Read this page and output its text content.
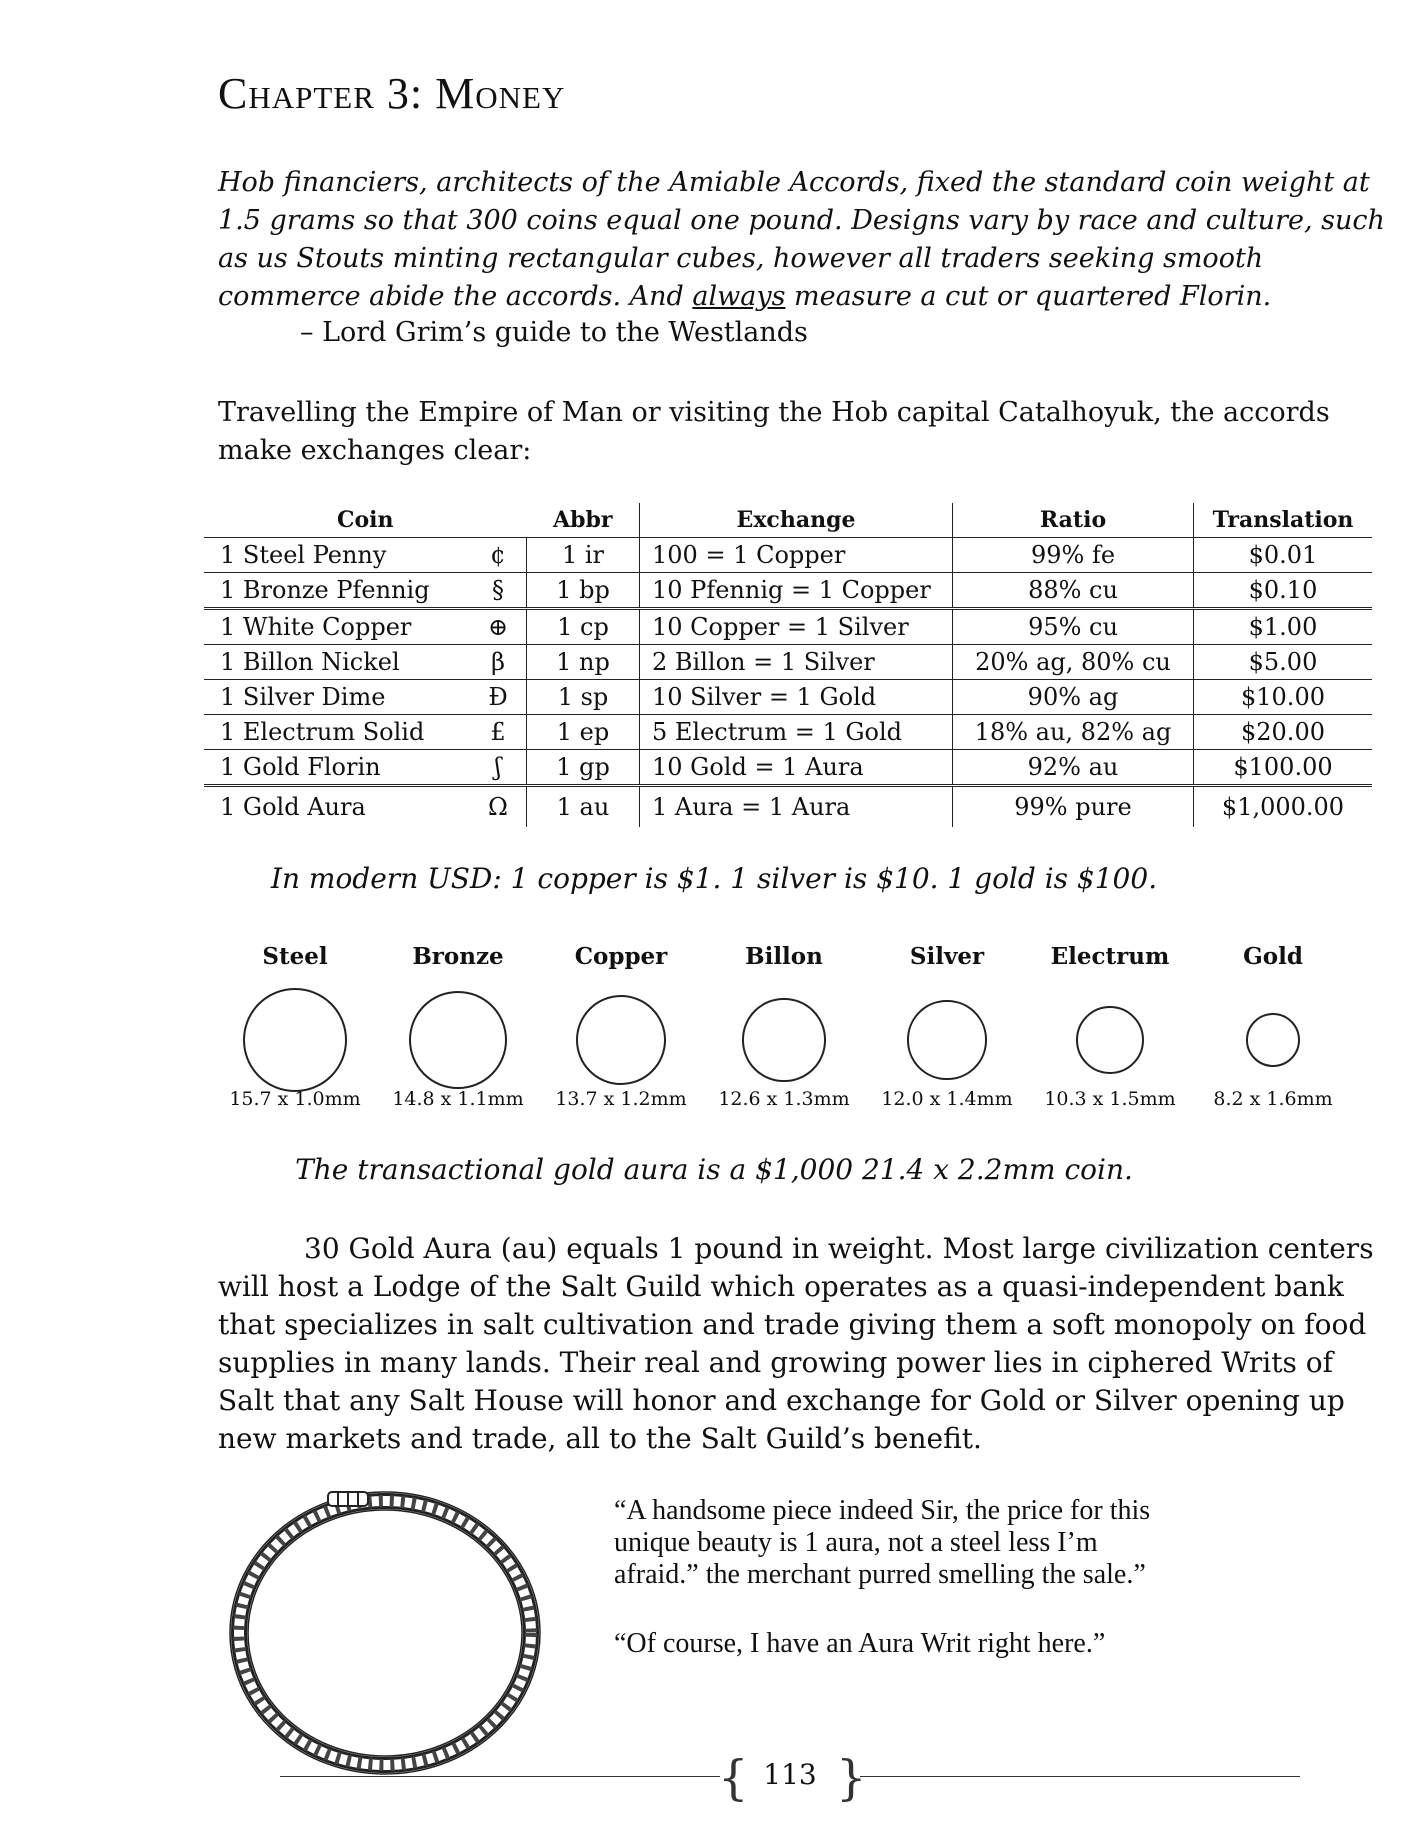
Chapter 3: Money
Hob financiers, architects of the Amiable Accords, fixed the standard coin weight at
1.5 grams so that 300 coins equal one pound. Designs vary by race and culture, such
as us Stouts minting rectangular cubes, however all traders seeking smooth
commerce abide the accords. And always measure a cut or quartered Florin.
– Lord Grim’s guide to the Westlands
Travelling the Empire of Man or visiting the Hob capital Catalhoyuk, the accords
make exchanges clear:
Coin		Abbr	Exchange	Ratio	Translation
1 Steel Penny	¢	1 ir	100 = 1 Copper	99% fe	$0.01
1 Bronze Pfennig	§	1 bp	10 Pfennig = 1 Copper	88% cu	$0.10
1 White Copper	⊕	1 cp	10 Copper = 1 Silver	95% cu	$1.00
1 Billon Nickel	β	1 np	2 Billon = 1 Silver	20% ag, 80% cu	$5.00
1 Silver Dime	Đ	1 sp	10 Silver = 1 Gold	90% ag	$10.00
1 Electrum Solid	£	1 ep	5 Electrum = 1 Gold	18% au, 82% ag	$20.00
1 Gold Florin	ʃ	1 gp	10 Gold = 1 Aura	92% au	$100.00
1 Gold Aura	Ω	1 au	1 Aura = 1 Aura	99% pure	$1,000.00
In modern USD: 1 copper is $1. 1 silver is $10. 1 gold is $100.
Steel
15.7 x 1.0mm
Bronze
14.8 x 1.1mm
Copper
13.7 x 1.2mm
Billon
12.6 x 1.3mm
Silver
12.0 x 1.4mm
Electrum
10.3 x 1.5mm
Gold
8.2 x 1.6mm
The transactional gold aura is a $1,000 21.4 x 2.2mm coin.
30 Gold Aura (au) equals 1 pound in weight. Most large civilization centers
will host a Lodge of the Salt Guild which operates as a quasi-independent bank
that specializes in salt cultivation and trade giving them a soft monopoly on food
supplies in many lands. Their real and growing power lies in ciphered Writs of
Salt that any Salt House will honor and exchange for Gold or Silver opening up
new markets and trade, all to the Salt Guild’s benefit.
“A handsome piece indeed Sir, the price for this
unique beauty is 1 aura, not a steel less I’m
afraid.” the merchant purred smelling the sale.”
“Of course, I have an Aura Writ right here.”
{ 113 }
